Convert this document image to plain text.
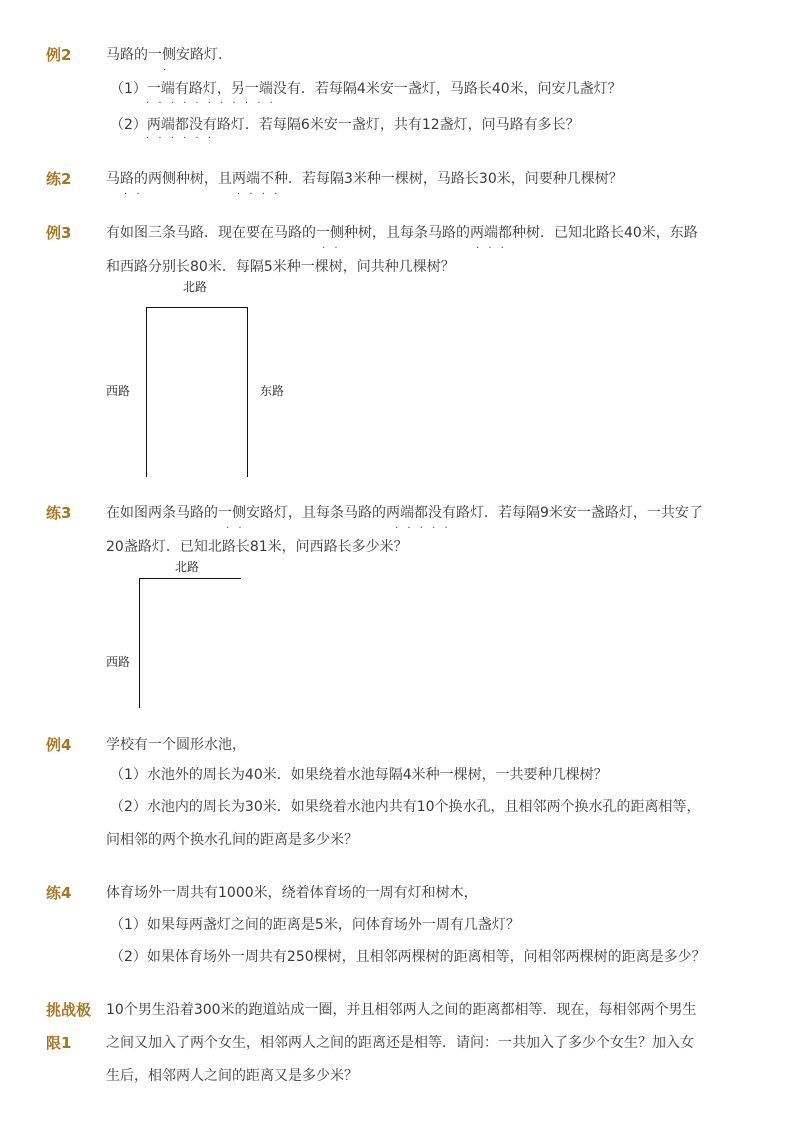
例2 马路的一侧安路灯．
·
（1）一端有路灯，另一端没有．若每隔4米安一盏灯，马路长40米，问安几盏灯？
· · · · · · · · · · ·
（2）两端都没有路灯．若每隔6米安一盏灯，共有12盏灯，问马路有多长？
· · · · · ·
练2 马路的两侧种树，且两端不种．若每隔3米种一棵树，马路长30米，问要种几棵树？
· ·	· · · ·
例3 有如图三条马路．现在要在马路的一侧种树，且每条马路的两端都种树．已知北路长40米，东路
· ·	· · ·
和西路分别长80米．每隔5米种一棵树，问共种几棵树？
北路
西路	东路
练3 在如图两条马路的一侧安路灯，且每条马路的两端都没有路灯．若每隔9米安一盏路灯，一共安了
· ·	· · · · ·
20盏路灯．已知北路长81米，问西路长多少米？
北路
西路
例4 学校有一个圆形水池，
（1）水池外的周长为40米．如果绕着水池每隔4米种一棵树，一共要种几棵树？
（2）水池内的周长为30米．如果绕着水池内共有10个换水孔，且相邻两个换水孔的距离相等，
问相邻的两个换水孔间的距离是多少米？
练4 体育场外一周共有1000米，绕着体育场的一周有灯和树木，
（1）如果每两盏灯之间的距离是5米，问体育场外一周有几盏灯？
（2）如果体育场外一周共有250棵树，且相邻两棵树的距离相等，问相邻两棵树的距离是多少？
挑战极
限1
10个男生沿着300米的跑道站成一圈，并且相邻两人之间的距离都相等．现在，每相邻两个男生
之间又加入了两个女生，相邻两人之间的距离还是相等．请问：一共加入了多少个女生？加入女
生后，相邻两人之间的距离又是多少米？
